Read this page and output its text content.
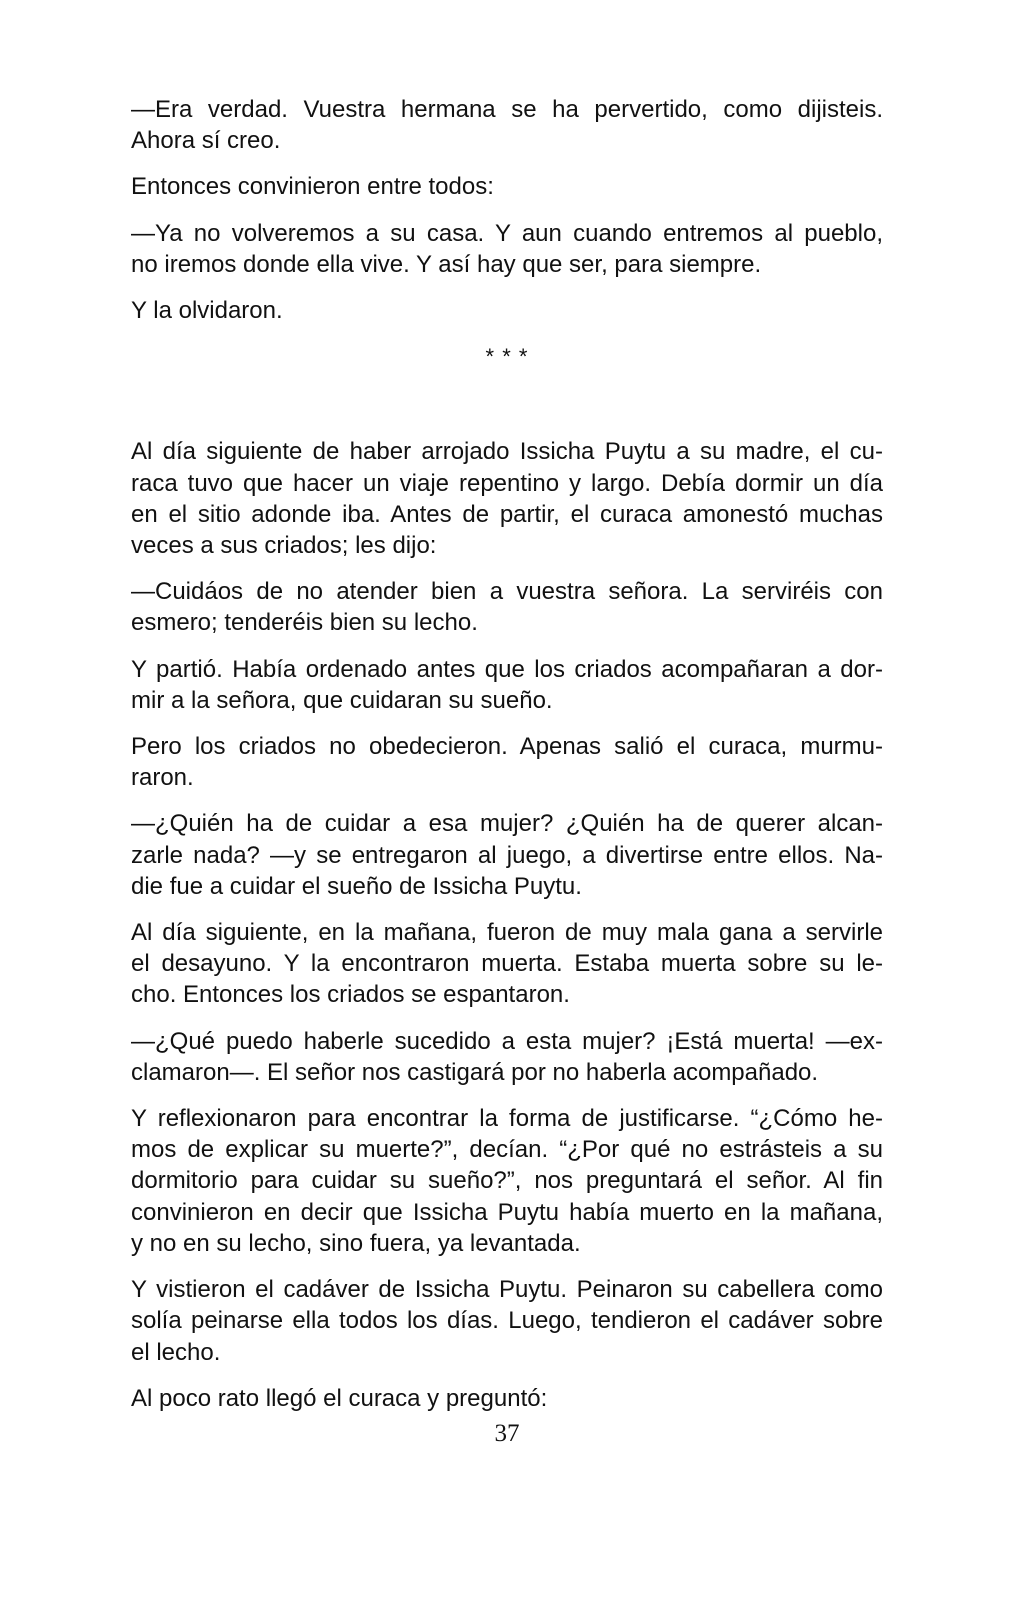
—Era verdad. Vuestra hermana se ha pervertido, como dijisteis.
Ahora sí creo.
Entonces convinieron entre todos:
—Ya no volveremos a su casa. Y aun cuando entremos al pueblo,
no iremos donde ella vive. Y así hay que ser, para siempre.
Y la olvidaron.
* * *
Al día siguiente de haber arrojado Issicha Puytu a su madre, el cu-
raca tuvo que hacer un viaje repentino y largo. Debía dormir un día
en el sitio adonde iba. Antes de partir, el curaca amonestó muchas
veces a sus criados; les dijo:
—Cuidáos de no atender bien a vuestra señora. La serviréis con
esmero; tenderéis bien su lecho.
Y partió. Había ordenado antes que los criados acompañaran a dor-
mir a la señora, que cuidaran su sueño.
Pero los criados no obedecieron. Apenas salió el curaca, murmu-
raron.
—¿Quién ha de cuidar a esa mujer? ¿Quién ha de querer alcan-
zarle nada? —y se entregaron al juego, a divertirse entre ellos. Na-
die fue a cuidar el sueño de Issicha Puytu.
Al día siguiente, en la mañana, fueron de muy mala gana a servirle
el desayuno. Y la encontraron muerta. Estaba muerta sobre su le-
cho. Entonces los criados se espantaron.
—¿Qué puedo haberle sucedido a esta mujer? ¡Está muerta! —ex-
clamaron—. El señor nos castigará por no haberla acompañado.
Y reflexionaron para encontrar la forma de justificarse. “¿Cómo he-
mos de explicar su muerte?”, decían. “¿Por qué no estrásteis a su
dormitorio para cuidar su sueño?”, nos preguntará el señor. Al fin
convinieron en decir que Issicha Puytu había muerto en la mañana,
y no en su lecho, sino fuera, ya levantada.
Y vistieron el cadáver de Issicha Puytu. Peinaron su cabellera como
solía peinarse ella todos los días. Luego, tendieron el cadáver sobre
el lecho.
Al poco rato llegó el curaca y preguntó:
37
